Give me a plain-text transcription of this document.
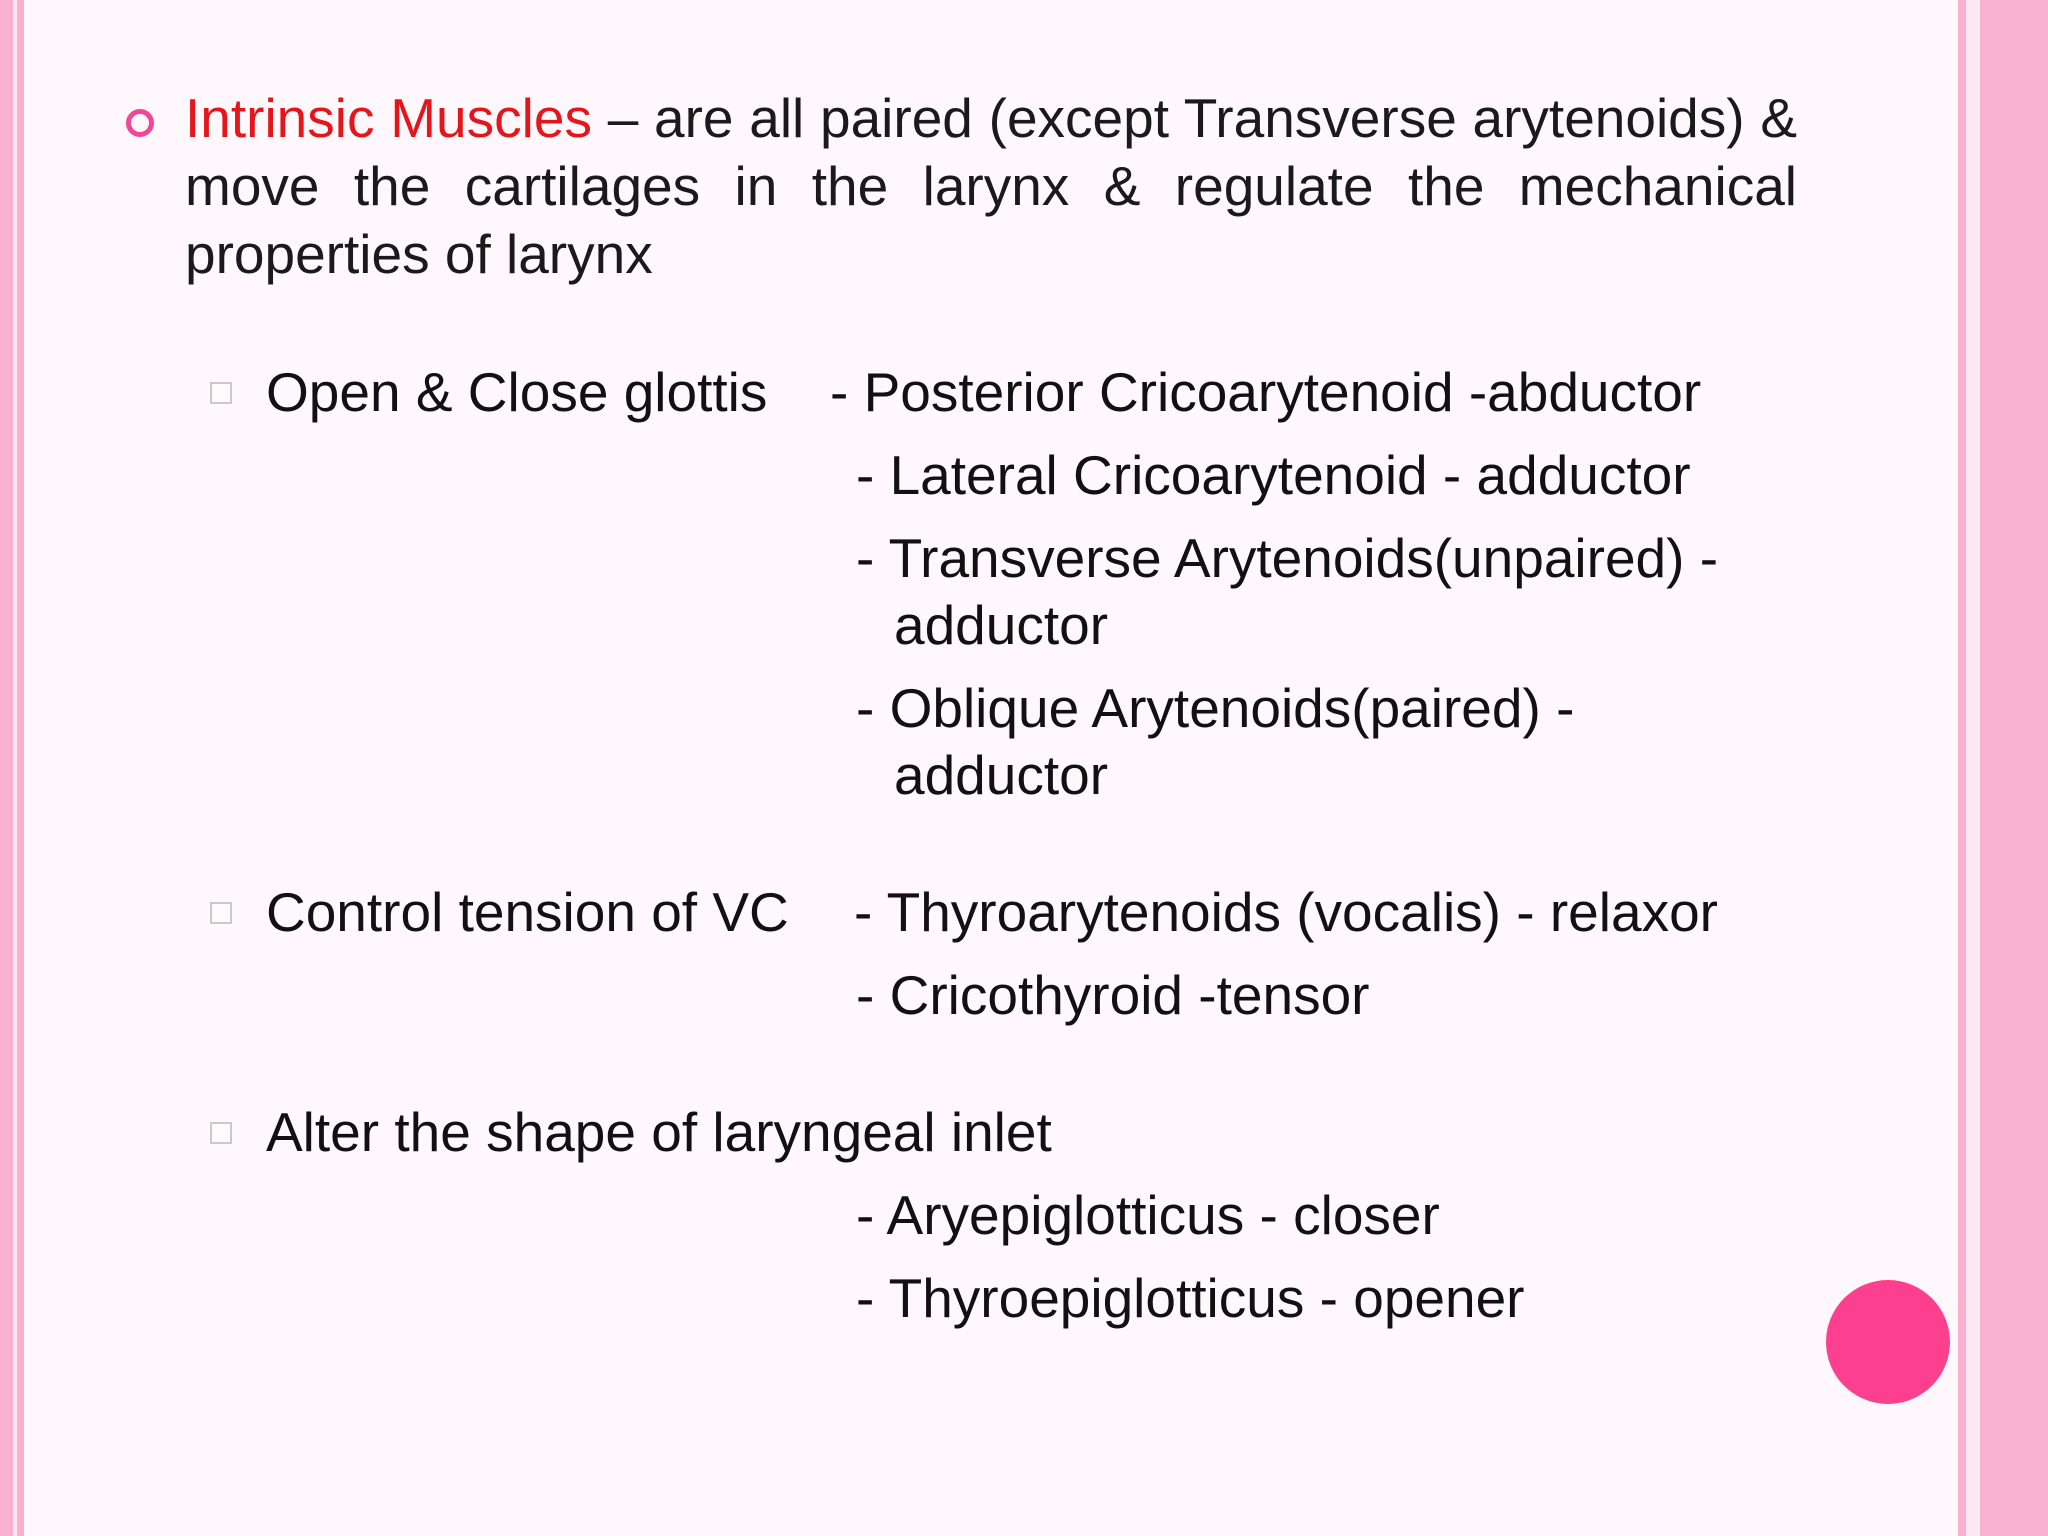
Intrinsic Muscles – are all paired (except Transverse arytenoids) & move the cartilages in the larynx & regulate the mechanical properties of larynx
Open & Close glottis - Posterior Cricoarytenoid -abductor
- Lateral Cricoarytenoid - adductor
- Transverse Arytenoids(unpaired) -
adductor
- Oblique Arytenoids(paired) -
adductor
Control tension of VC - Thyroarytenoids (vocalis) - relaxor
- Cricothyroid -tensor
Alter the shape of laryngeal inlet
- Aryepiglotticus - closer
- Thyroepiglotticus - opener
